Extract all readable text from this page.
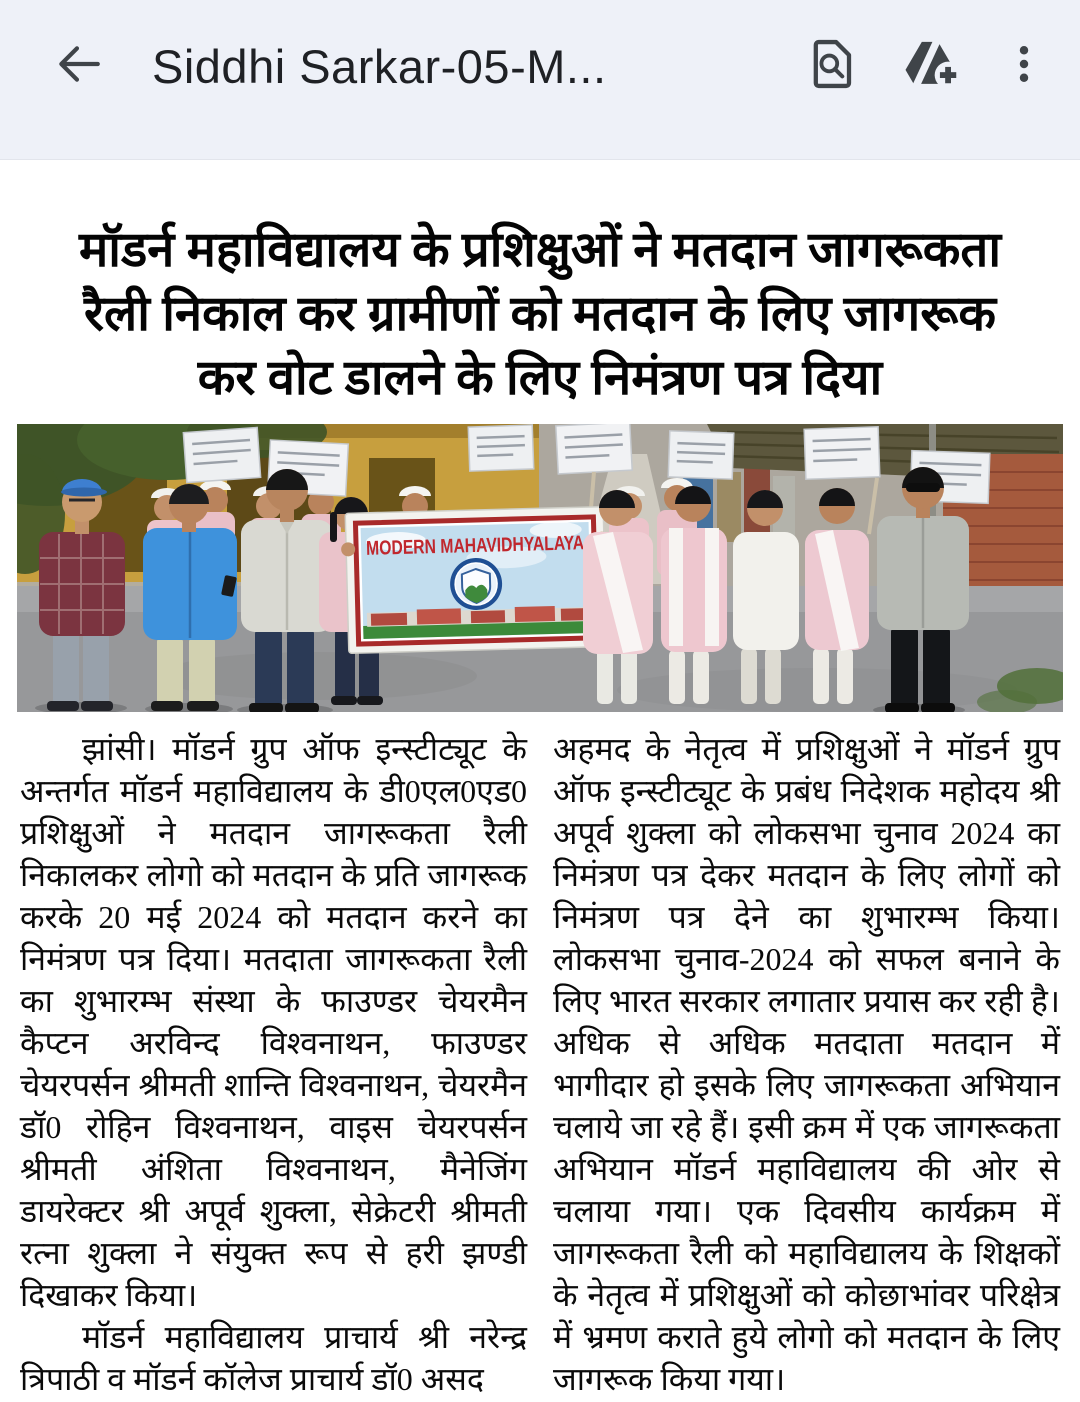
Siddhi Sarkar-05-M...
मॉडर्न महाविद्यालय के प्रशिक्षुओं ने मतदान जागरूकता
रैली निकाल कर ग्रामीणों को मतदान के लिए जागरूक
कर वोट डालने के लिए निमंत्रण पत्र दिया
MODERN MAHAVIDHYALAYA

झांसी। मॉडर्न ग्रुप ऑफ इन्स्टीट्यूट के अन्तर्गत मॉडर्न महाविद्यालय के डी0एल0एड0 प्रशिक्षुओं ने मतदान जागरूकता रैली निकालकर लोगो को मतदान के प्रति जागरूक करके 20 मई 2024 को मतदान करने का निमंत्रण पत्र दिया। मतदाता जागरूकता रैली का शुभारम्भ संस्था के फाउण्डर चेयरमैन कैप्टन अरविन्द विश्वनाथन, फाउण्डर चेयरपर्सन श्रीमती शान्ति विश्वनाथन, चेयरमैन डॉ0 रोहिन विश्वनाथन, वाइस चेयरपर्सन श्रीमती अंशिता विश्वनाथन, मैनेजिंग डायरेक्टर श्री अपूर्व शुक्ला, सेक्रेटरी श्रीमती रत्ना शुक्ला ने संयुक्त रूप से हरी झण्डी दिखाकर किया।

मॉडर्न महाविद्यालय प्राचार्य श्री नरेन्द्र त्रिपाठी व मॉडर्न कॉलेज प्राचार्य डॉ0 असद

अहमद के नेतृत्व में प्रशिक्षुओं ने मॉडर्न ग्रुप ऑफ इन्स्टीट्यूट के प्रबंध निदेशक महोदय श्री अपूर्व शुक्ला को लोकसभा चुनाव 2024 का निमंत्रण पत्र देकर मतदान के लिए लोगों को निमंत्रण पत्र देने का शुभारम्भ किया। लोकसभा चुनाव-2024 को सफल बनाने के लिए भारत सरकार लगातार प्रयास कर रही है। अधिक से अधिक मतदाता मतदान में भागीदार हो इसके लिए जागरूकता अभियान चलाये जा रहे हैं। इसी क्रम में एक जागरूकता अभियान मॉडर्न महाविद्यालय की ओर से चलाया गया। एक दिवसीय कार्यक्रम में जागरूकता रैली को महाविद्यालय के शिक्षकों के नेतृत्व में प्रशिक्षुओं को कोछाभांवर परिक्षेत्र में भ्रमण कराते हुये लोगो को मतदान के लिए जागरूक किया गया।
